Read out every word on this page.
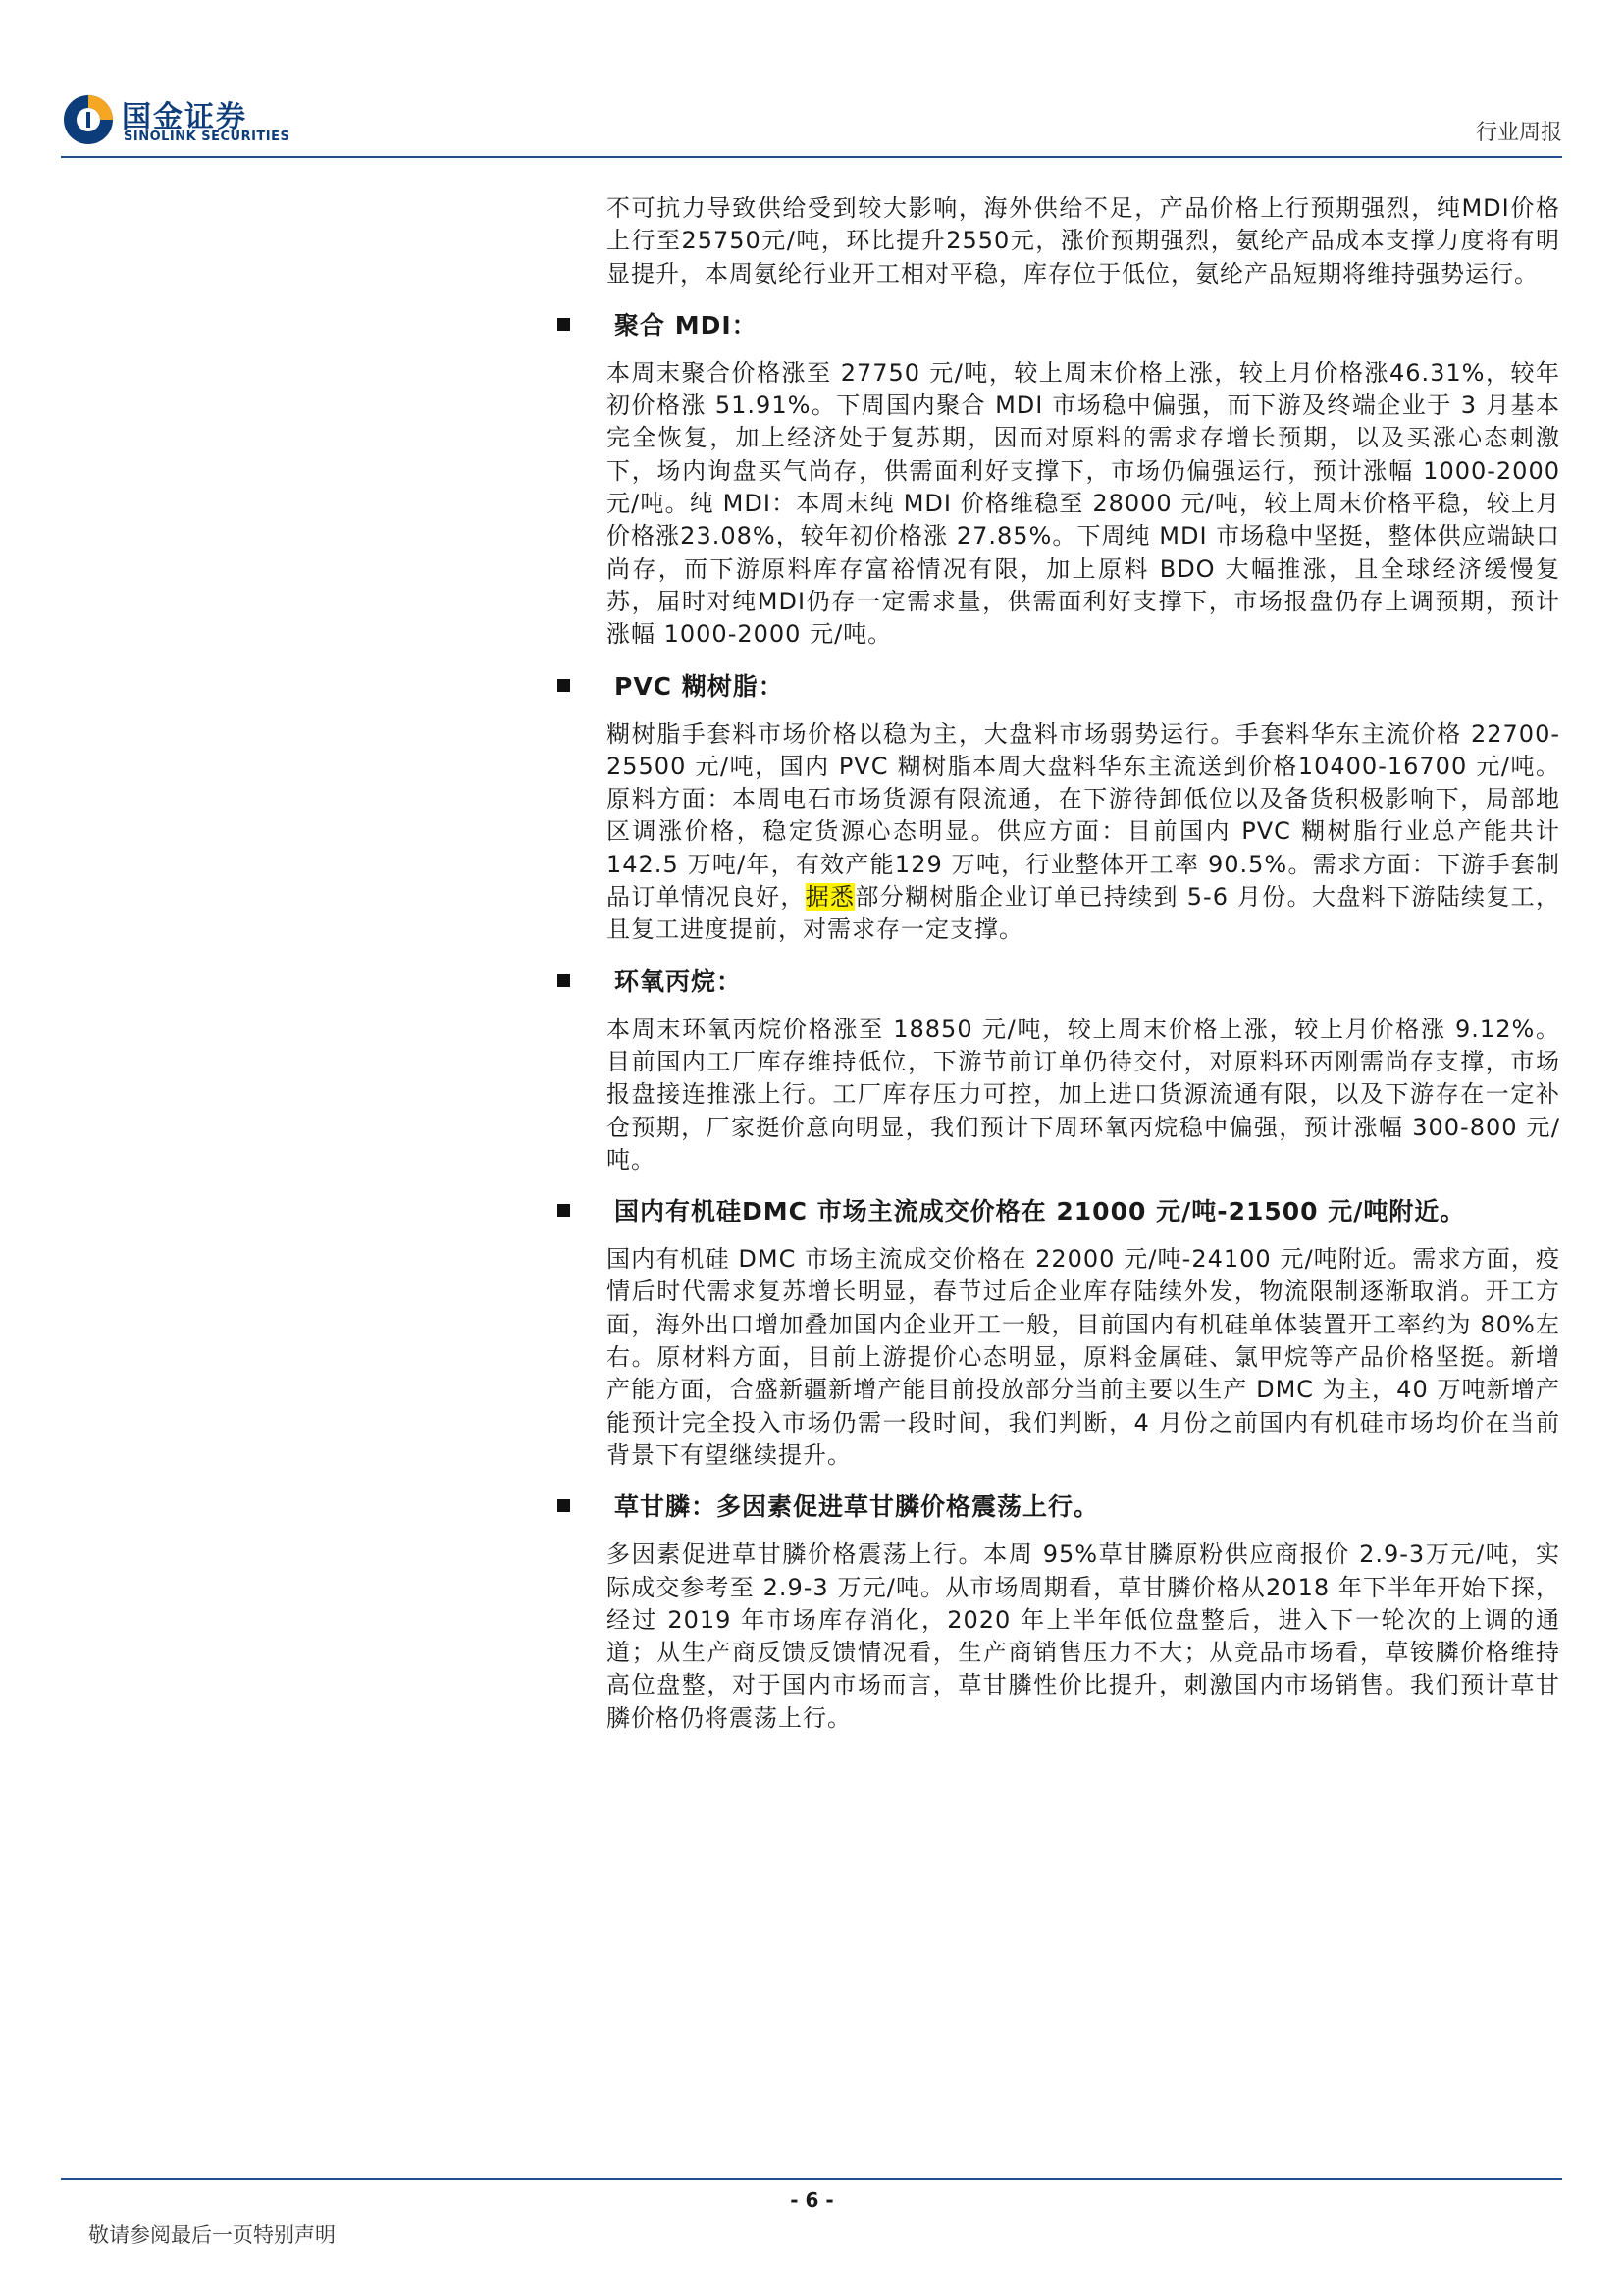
国金证券
SINOLINK SECURITIES	行业周报

不可抗力导致供给受到较大影响，海外供给不足，产品价格上行预期强烈，纯MDI价格上行至25750元/吨，环比提升2550元，涨价预期强烈，氨纶产品成本支撑力度将有明显提升，本周氨纶行业开工相对平稳，库存位于低位，氨纶产品短期将维持强势运行。

聚合 MDI：

本周末聚合价格涨至 27750 元/吨，较上周末价格上涨，较上月价格涨46.31%，较年初价格涨 51.91%。下周国内聚合 MDI 市场稳中偏强，而下游及终端企业于 3 月基本完全恢复，加上经济处于复苏期，因而对原料的需求存增长预期，以及买涨心态刺激下，场内询盘买气尚存，供需面利好支撑下，市场仍偏强运行，预计涨幅 1000-2000 元/吨。纯 MDI：本周末纯 MDI 价格维稳至 28000 元/吨，较上周末价格平稳，较上月价格涨23.08%，较年初价格涨 27.85%。下周纯 MDI 市场稳中坚挺，整体供应端缺口尚存，而下游原料库存富裕情况有限，加上原料 BDO 大幅推涨，且全球经济缓慢复苏，届时对纯MDI仍存一定需求量，供需面利好支撑下，市场报盘仍存上调预期，预计涨幅 1000-2000 元/吨。

PVC 糊树脂：

糊树脂手套料市场价格以稳为主，大盘料市场弱势运行。手套料华东主流价格 22700-25500 元/吨，国内 PVC 糊树脂本周大盘料华东主流送到价格10400-16700 元/吨。原料方面：本周电石市场货源有限流通，在下游待卸低位以及备货积极影响下，局部地区调涨价格，稳定货源心态明显。供应方面：目前国内 PVC 糊树脂行业总产能共计 142.5 万吨/年，有效产能129 万吨，行业整体开工率 90.5%。需求方面：下游手套制品订单情况良好，据悉部分糊树脂企业订单已持续到 5-6 月份。大盘料下游陆续复工，且复工进度提前，对需求存一定支撑。

环氧丙烷：

本周末环氧丙烷价格涨至 18850 元/吨，较上周末价格上涨，较上月价格涨 9.12%。目前国内工厂库存维持低位，下游节前订单仍待交付，对原料环丙刚需尚存支撑，市场报盘接连推涨上行。工厂库存压力可控，加上进口货源流通有限，以及下游存在一定补仓预期，厂家挺价意向明显，我们预计下周环氧丙烷稳中偏强，预计涨幅 300-800 元/吨。

国内有机硅DMC 市场主流成交价格在 21000 元/吨-21500 元/吨附近。

国内有机硅 DMC 市场主流成交价格在 22000 元/吨-24100 元/吨附近。需求方面，疫情后时代需求复苏增长明显，春节过后企业库存陆续外发，物流限制逐渐取消。开工方面，海外出口增加叠加国内企业开工一般，目前国内有机硅单体装置开工率约为 80%左右。原材料方面，目前上游提价心态明显，原料金属硅、氯甲烷等产品价格坚挺。新增产能方面，合盛新疆新增产能目前投放部分当前主要以生产 DMC 为主，40 万吨新增产能预计完全投入市场仍需一段时间，我们判断，4 月份之前国内有机硅市场均价在当前背景下有望继续提升。

草甘膦：多因素促进草甘膦价格震荡上行。

多因素促进草甘膦价格震荡上行。本周 95%草甘膦原粉供应商报价 2.9-3万元/吨，实际成交参考至 2.9-3 万元/吨。从市场周期看，草甘膦价格从2018 年下半年开始下探，经过 2019 年市场库存消化，2020 年上半年低位盘整后，进入下一轮次的上调的通道；从生产商反馈反馈情况看，生产商销售压力不大；从竞品市场看，草铵膦价格维持高位盘整，对于国内市场而言，草甘膦性价比提升，刺激国内市场销售。我们预计草甘膦价格仍将震荡上行。

- 6 -
敬请参阅最后一页特别声明
